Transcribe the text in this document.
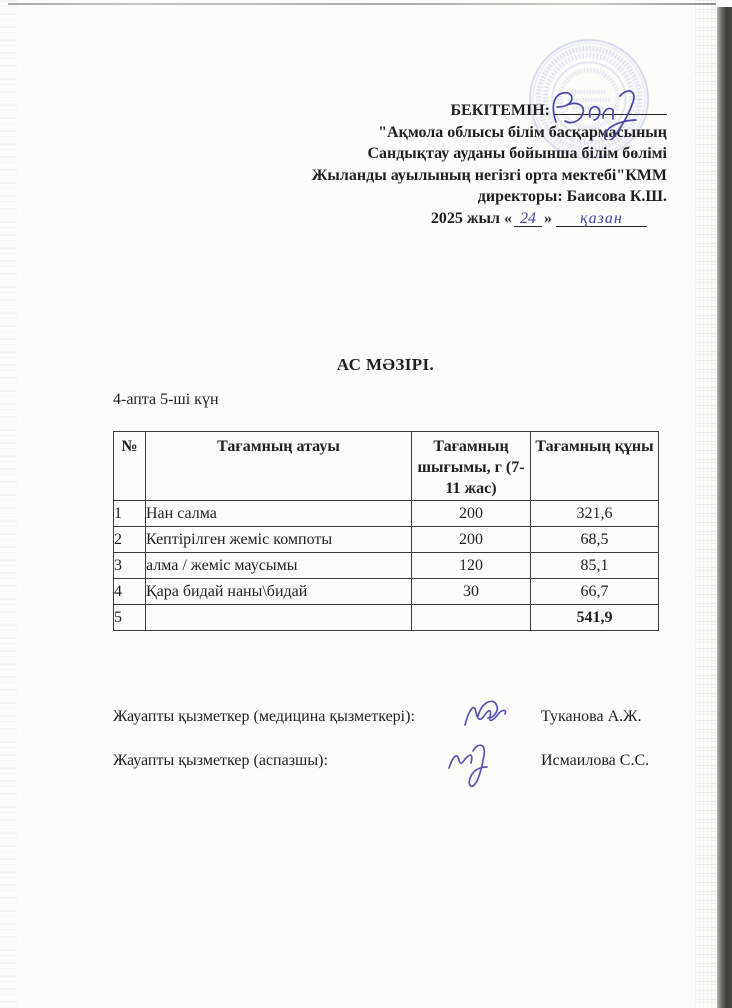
БЕКІТЕМІН:
"Ақмола облысы білім басқармасының
Сандықтау ауданы бойынша білім бөлімі
Жыланды ауылының негізгі орта мектебі"КММ
директоры: Баисова К.Ш.
2025 жыл « 24 » қазан
АС МӘЗІРІ.
4-апта 5-ші күн
№	Тағамның атауы	Тағамның шығымы, г (7-11 жас)	Тағамның құны
1	Нан салма	200	321,6
2	Кептірілген жеміс компоты	200	68,5
3	алма / жеміс маусымы	120	85,1
4	Қара бидай наны\бидай	30	66,7
5			541,9
Жауапты қызметкер (медицина қызметкері):	Туканова А.Ж.
Жауапты қызметкер (аспазшы):	Исмаилова С.С.
